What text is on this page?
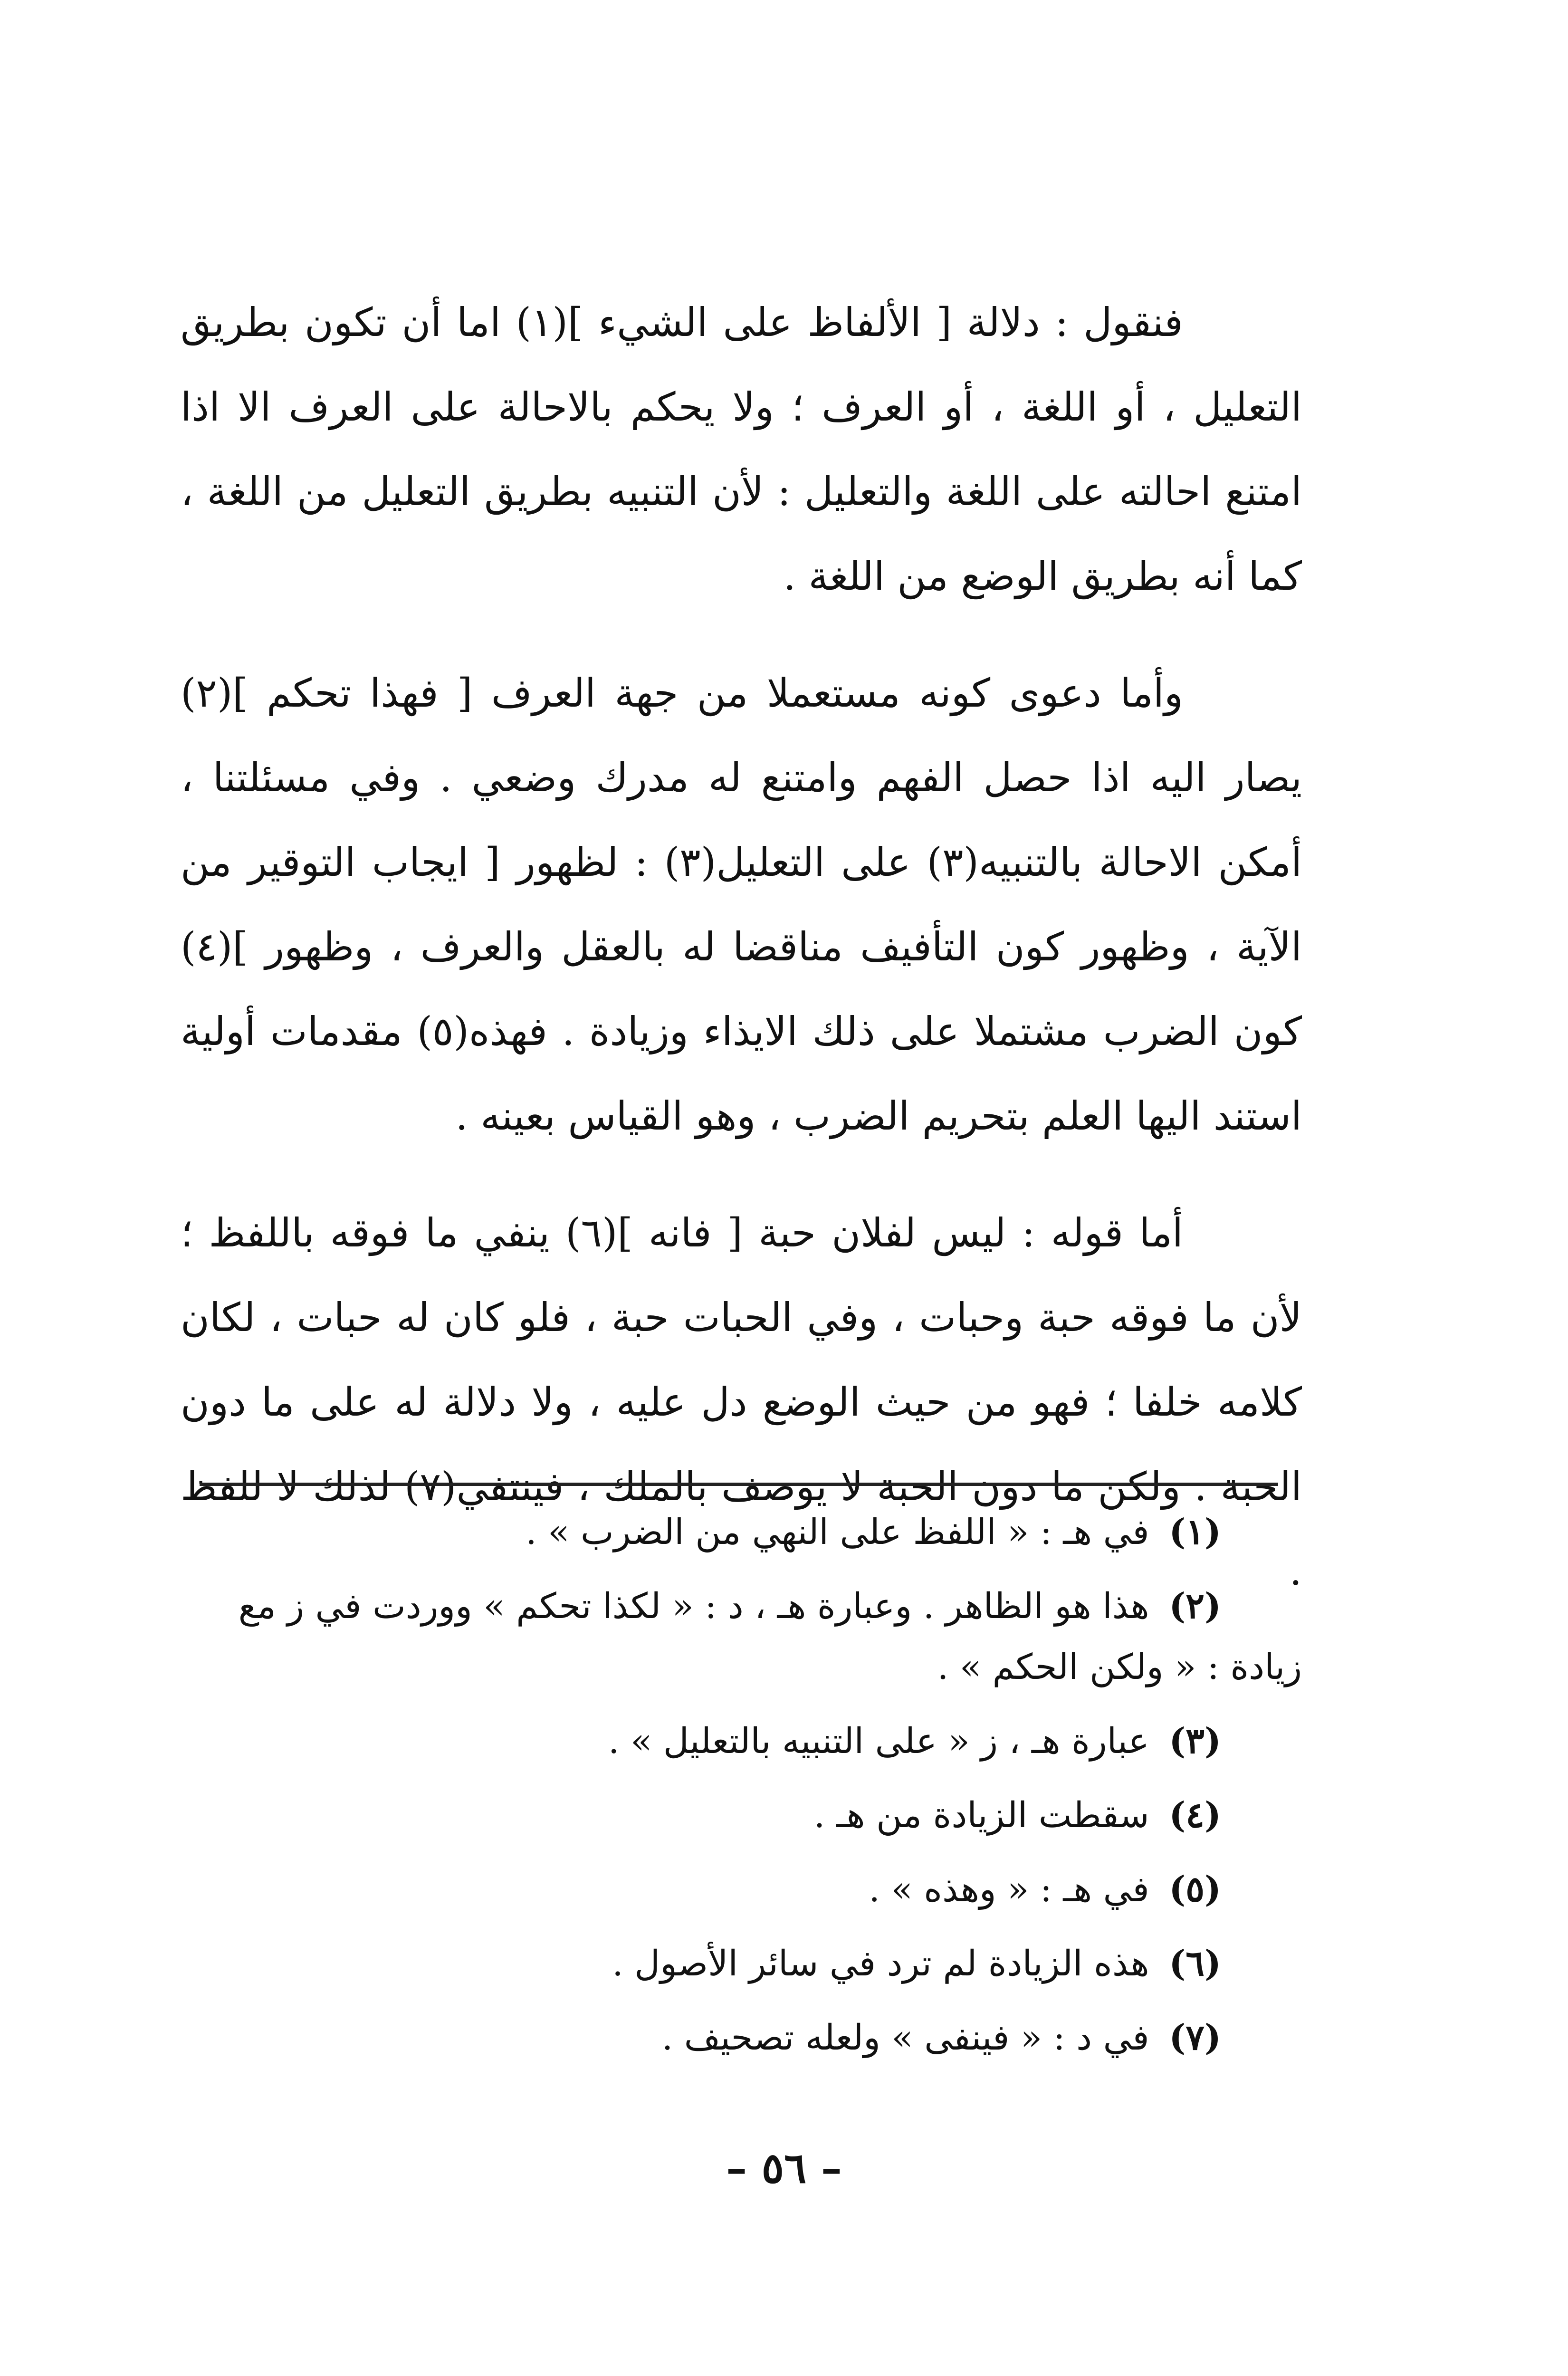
فنقول : دلالة [ الألفاظ على الشيء ](١) اما أن تكون بطريق التعليل ، أو اللغة ، أو العرف ؛ ولا يحكم بالاحالة على العرف الا اذا امتنع احالته على اللغة والتعليل : لأن التنبيه بطريق التعليل من اللغة ، كما أنه بطريق الوضع من اللغة .

وأما دعوى كونه مستعملا من جهة العرف [ فهذا تحكم ](٢) يصار اليه اذا حصل الفهم وامتنع له مدرك وضعي . وفي مسئلتنا ، أمكن الاحالة بالتنبيه(٣) على التعليل(٣) : لظهور [ ايجاب التوقير من الآية ، وظهور كون التأفيف مناقضا له بالعقل والعرف ، وظهور ](٤) كون الضرب مشتملا على ذلك الايذاء وزيادة . فهذه(٥) مقدمات أولية استند اليها العلم بتحريم الضرب ، وهو القياس بعينه .

أما قوله : ليس لفلان حبة [ فانه ](٦) ينفي ما فوقه باللفظ ؛ لأن ما فوقه حبة وحبات ، وفي الحبات حبة ، فلو كان له حبات ، لكان كلامه خلفا ؛ فهو من حيث الوضع دل عليه ، ولا دلالة له على ما دون الحبة . ولكن ما دون الحبة لا يوصف بالملك ، فينتفي(٧) لذلك لا للفظ .

(١) في هـ : « اللفظ على النهي من الضرب » .
(٢) هذا هو الظاهر . وعبارة هـ ، د : « لكذا تحكم » ووردت في ز مع زيادة : « ولكن الحكم » .
(٣) عبارة هـ ، ز « على التنبيه بالتعليل » .
(٤) سقطت الزيادة من هـ .
(٥) في هـ : « وهذه » .
(٦) هذه الزيادة لم ترد في سائر الأصول .
(٧) في د : « فينفى » ولعله تصحيف .
– ٥٦ –
